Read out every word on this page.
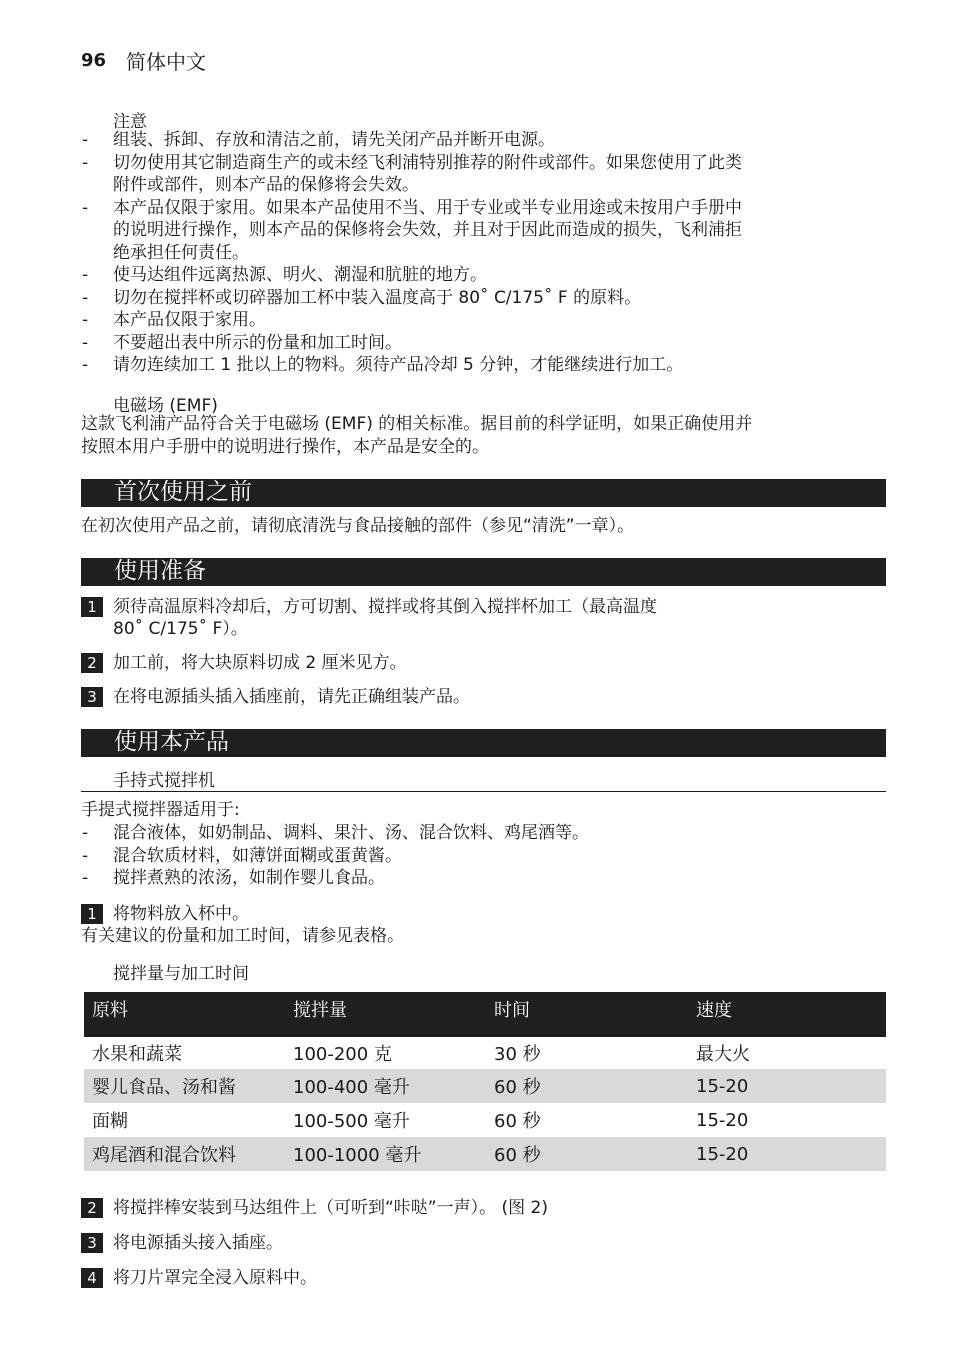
96 简体中文
注意
- 组装、拆卸、存放和清洁之前，请先关闭产品并断开电源。
- 切勿使用其它制造商生产的或未经飞利浦特别推荐的附件或部件。如果您使用了此类
附件或部件，则本产品的保修将会失效。
- 本产品仅限于家用。如果本产品使用不当、用于专业或半专业用途或未按用户手册中
的说明进行操作，则本产品的保修将会失效，并且对于因此而造成的损失，飞利浦拒
绝承担任何责任。
- 使马达组件远离热源、明火、潮湿和肮脏的地方。
- 切勿在搅拌杯或切碎器加工杯中装入温度高于 80˚ C/175˚ F 的原料。
- 本产品仅限于家用。
- 不要超出表中所示的份量和加工时间。
- 请勿连续加工 1 批以上的物料。须待产品冷却 5 分钟，才能继续进行加工。
电磁场 (EMF)
这款飞利浦产品符合关于电磁场 (EMF) 的相关标准。据目前的科学证明，如果正确使用并
按照本用户手册中的说明进行操作，本产品是安全的。
首次使用之前
在初次使用产品之前，请彻底清洗与食品接触的部件（参见“清洗”一章）。
使用准备
1 须待高温原料冷却后，方可切割、搅拌或将其倒入搅拌杯加工（最高温度
80˚ C/175˚ F）。
2 加工前，将大块原料切成 2 厘米见方。
3 在将电源插头插入插座前，请先正确组装产品。
使用本产品
手持式搅拌机
手提式搅拌器适用于:
- 混合液体，如奶制品、调料、果汁、汤、混合饮料、鸡尾酒等。
- 混合软质材料，如薄饼面糊或蛋黄酱。
- 搅拌煮熟的浓汤，如制作婴儿食品。
1 将物料放入杯中。
有关建议的份量和加工时间，请参见表格。
搅拌量与加工时间
原料	搅拌量	时间	速度
水果和蔬菜	100-200 克	30 秒	最大火
婴儿食品、汤和酱	100-400 毫升	60 秒	15-20
面糊	100-500 毫升	60 秒	15-20
鸡尾酒和混合饮料	100-1000 毫升	60 秒	15-20
2 将搅拌棒安装到马达组件上（可听到“咔哒”一声）。 (图 2)
3 将电源插头接入插座。
4 将刀片罩完全浸入原料中。
